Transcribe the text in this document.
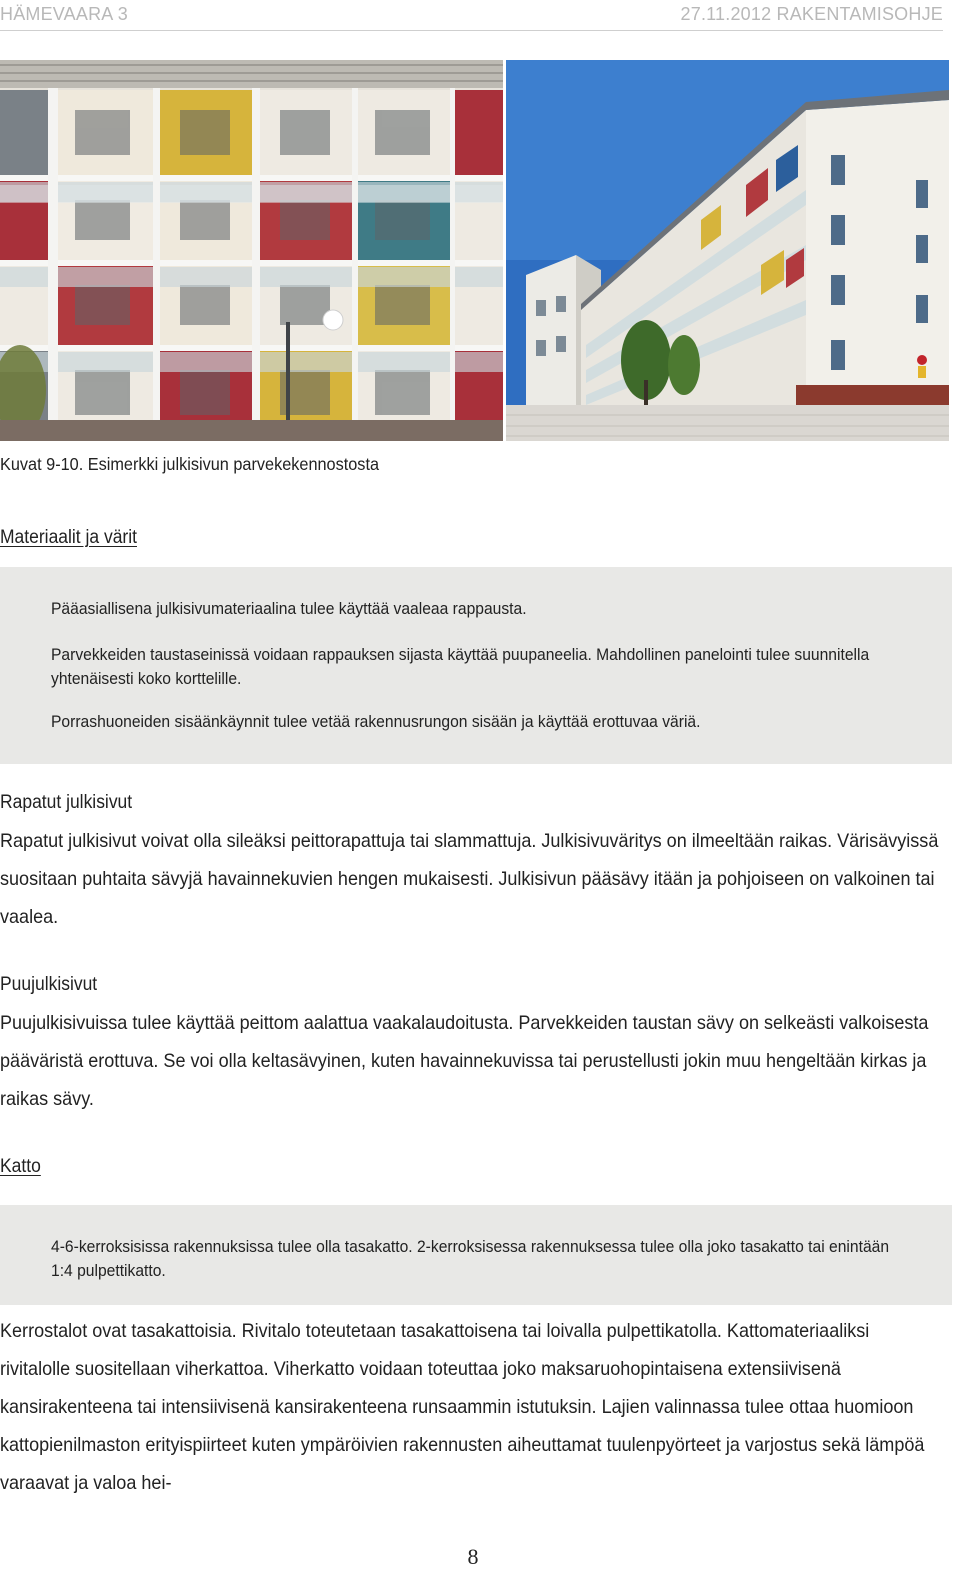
HÄMEVAARA 3	27.11.2012 RAKENTAMISOHJE
Kuvat 9-10. Esimerkki julkisivun parvekekennostosta
Materiaalit ja värit

Pääasiallisena julkisivumateriaalina tulee käyttää vaaleaa rappausta.

Parvekkeiden taustaseinissä voidaan rappauksen sijasta käyttää puupaneelia. Mahdollinen panelointi tulee suunnitella yhtenäisesti koko korttelille.

Porrashuoneiden sisäänkäynnit tulee vetää rakennusrungon sisään ja käyttää erottuvaa väriä.

Rapatut julkisivut

Rapatut julkisivut voivat olla sileäksi peittorapattuja tai slammattuja. Julkisivuväritys on ilmeeltään raikas. Värisävyissä suositaan puhtaita sävyjä havainnekuvien hengen mukaisesti. Julkisivun pääsävy itään ja pohjoiseen on valkoinen tai vaalea.

Puujulkisivut

Puujulkisivuissa tulee käyttää peittom aalattua vaakalaudoitusta. Parvekkeiden taustan sävy on selkeästi valkoisesta pääväristä erottuva. Se voi olla keltasävyinen, kuten havainnekuvissa tai perustellusti jokin muu hengeltään kirkas ja raikas sävy.

Katto

4-6-kerroksisissa rakennuksissa tulee olla tasakatto. 2-kerroksisessa rakennuksessa tulee olla joko tasakatto tai enintään 1:4 pulpettikatto.

Kerrostalot ovat tasakattoisia. Rivitalo toteutetaan tasakattoisena tai loivalla pulpettikatolla. Kattomateriaaliksi rivitalolle suositellaan viherkattoa. Viherkatto voidaan toteuttaa joko maksaruohopintaisena extensiivisenä kansirakenteena tai intensiivisenä kansirakenteena runsaammin istutuksin. Lajien valinnassa tulee ottaa huomioon kattopienilmaston erityispiirteet kuten ympäröivien rakennusten aiheuttamat tuulenpyörteet ja varjostus sekä lämpöä varaavat ja valoa hei-

8
